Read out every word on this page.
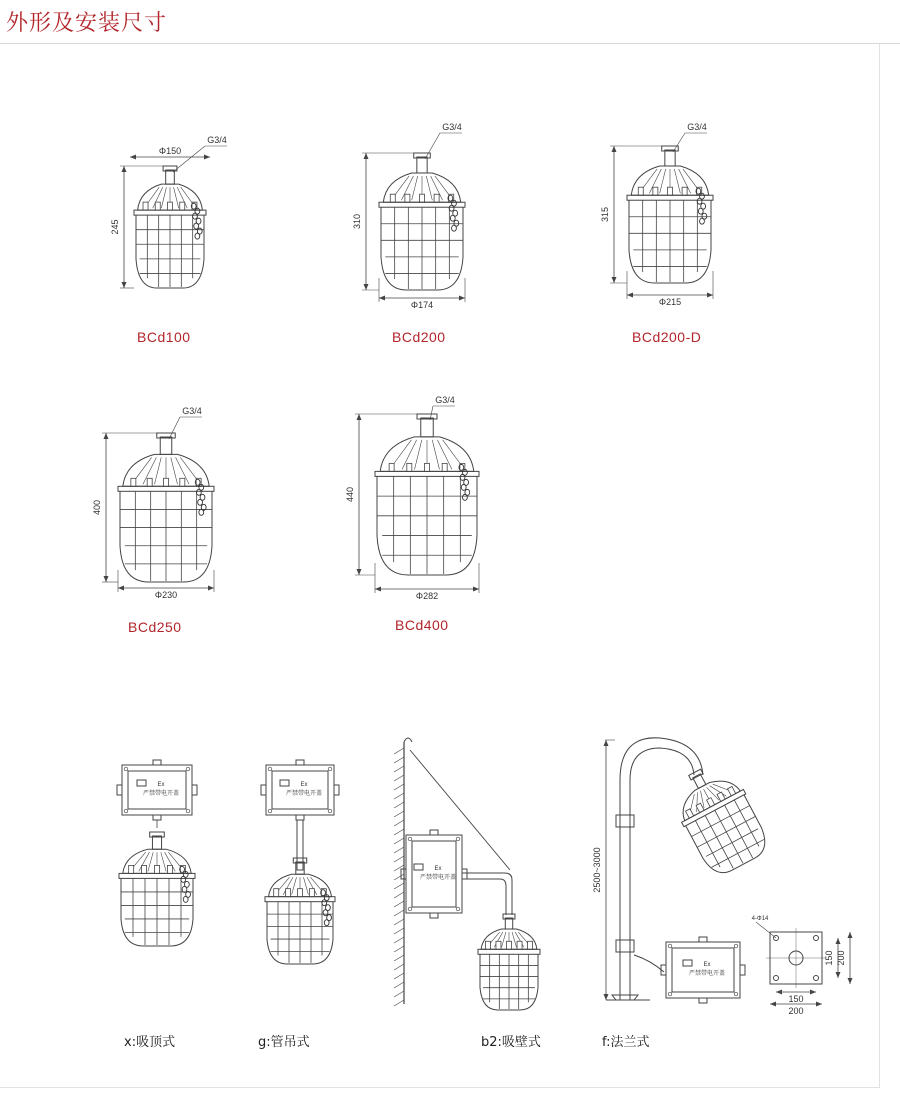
外形及安装尺寸
BCd100	BCd200	BCd200-D
BCd250	BCd400
x:吸顶式	g:管吊式	b2:吸壁式	f:法兰式
245
Φ150
G3/4
310
Φ174
G3/4
315
Φ215
G3/4
400
Φ230
G3/4
440
Φ282
G3/4
Ex
严禁带电开盖
Ex
严禁带电开盖
Ex
严禁带电开盖	2500~3000
Ex
严禁带电开盖
4-Φ14
150
200
150 200
